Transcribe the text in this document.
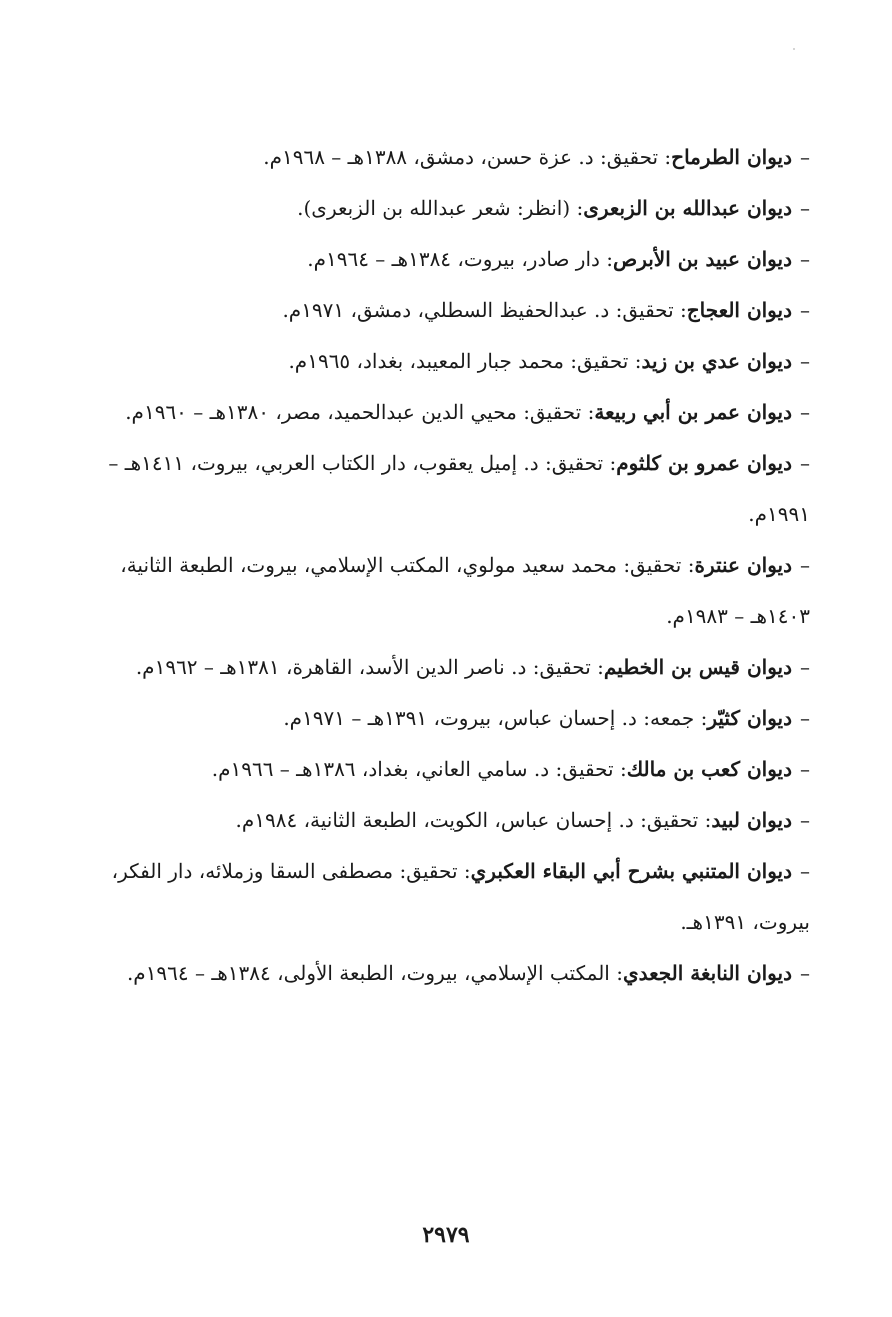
–ديوان الطرماح: تحقيق: د. عزة حسن، دمشق، ١٣٨٨هـ – ١٩٦٨م.
–ديوان عبدالله بن الزبعرى: (انظر: شعر عبدالله بن الزبعرى).
–ديوان عبيد بن الأبرص: دار صادر، بيروت، ١٣٨٤هـ – ١٩٦٤م.
–ديوان العجاج: تحقيق: د. عبدالحفيظ السطلي، دمشق، ١٩٧١م.
–ديوان عدي بن زيد: تحقيق: محمد جبار المعيبد، بغداد، ١٩٦٥م.
–ديوان عمر بن أبي ربيعة: تحقيق: محيي الدين عبدالحميد، مصر، ١٣٨٠هـ – ١٩٦٠م.
–ديوان عمرو بن كلثوم: تحقيق: د. إميل يعقوب، دار الكتاب العربي، بيروت، ١٤١١هـ – ١٩٩١م.
–ديوان عنترة: تحقيق: محمد سعيد مولوي، المكتب الإسلامي، بيروت، الطبعة الثانية، ١٤٠٣هـ – ١٩٨٣م.
–ديوان قيس بن الخطيم: تحقيق: د. ناصر الدين الأسد، القاهرة، ١٣٨١هـ – ١٩٦٢م.
–ديوان كثيّر: جمعه: د. إحسان عباس، بيروت، ١٣٩١هـ – ١٩٧١م.
–ديوان كعب بن مالك: تحقيق: د. سامي العاني، بغداد، ١٣٨٦هـ – ١٩٦٦م.
–ديوان لبيد: تحقيق: د. إحسان عباس، الكويت، الطبعة الثانية، ١٩٨٤م.
–ديوان المتنبي بشرح أبي البقاء العكبري: تحقيق: مصطفى السقا وزملائه، دار الفكر، بيروت، ١٣٩١هـ.
–ديوان النابغة الجعدي: المكتب الإسلامي، بيروت، الطبعة الأولى، ١٣٨٤هـ – ١٩٦٤م.
٢٩٧٩
